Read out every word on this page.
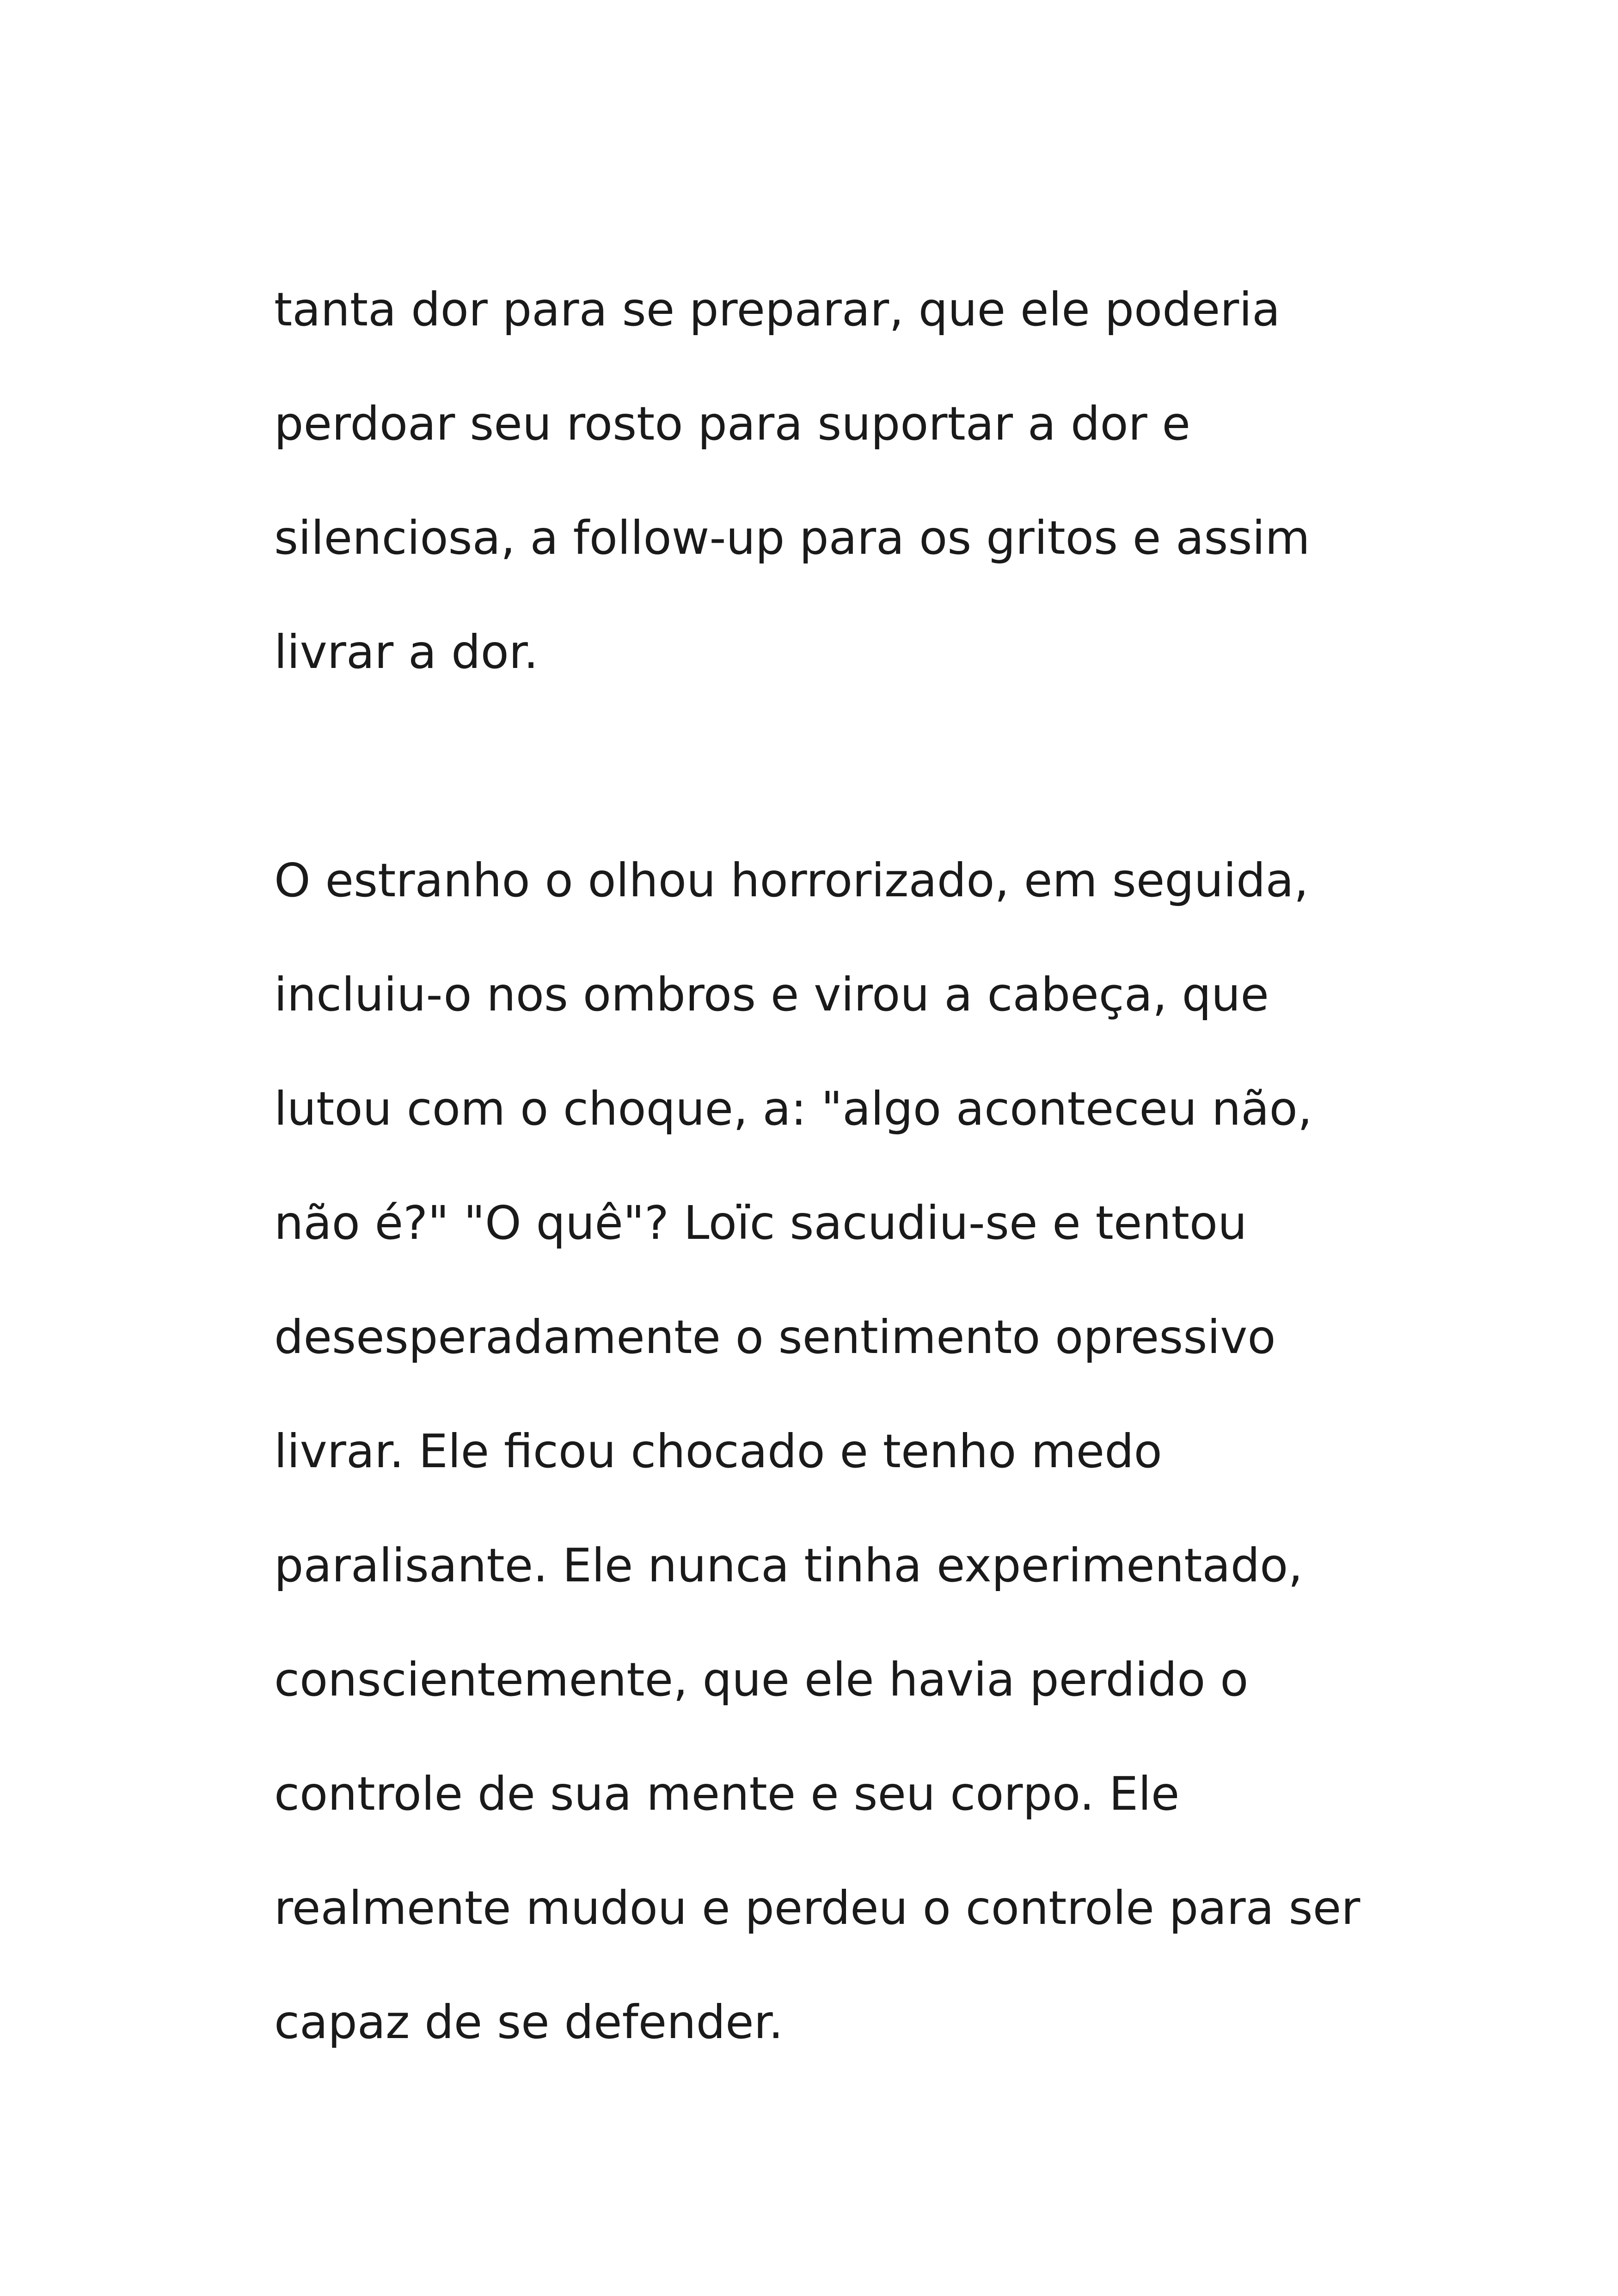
tanta dor para se preparar, que ele poderia
perdoar seu rosto para suportar a dor e
silenciosa, a follow-up para os gritos e assim
livrar a dor.
O estranho o olhou horrorizado, em seguida,
incluiu-o nos ombros e virou a cabeça, que
lutou com o choque, a: "algo aconteceu não,
não é?" "O quê"? Loïc sacudiu-se e tentou
desesperadamente o sentimento opressivo
livrar. Ele ficou chocado e tenho medo
paralisante. Ele nunca tinha experimentado,
conscientemente, que ele havia perdido o
controle de sua mente e seu corpo. Ele
realmente mudou e perdeu o controle para ser
capaz de se defender.
